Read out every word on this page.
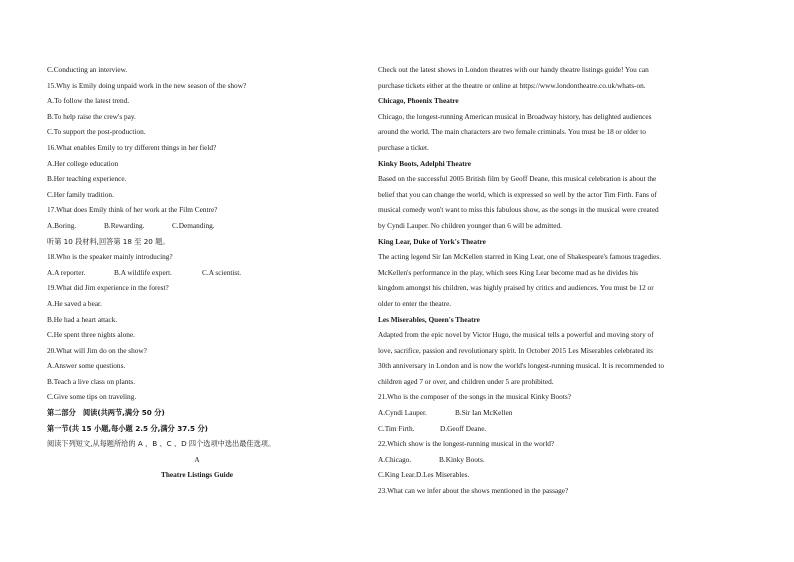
C.Conducting an interview.
15.Why is Emily doing unpaid work in the new season of the show?
A.To follow the latest trend.
B.To help raise the crew's pay.
C.To support the post-production.
16.What enables Emily to try different things in her field?
A.Her college education
B.Her teaching experience.
C.Her family tradition.
17.What does Emily think of her work at the Film Centre?
A.Boring.	B.Rewarding.	C.Demanding.
听第 10 段材料,回答第 18 至 20 题。
18.Who is the speaker mainly introducing?
A.A reporter.	B.A wildlife expert.	C.A scientist.
19.What did Jim experience in the forest?
A.He saved a bear.
B.He had a heart attack.
C.He spent three nights alone.
20.What will Jim do on the show?
A.Answer some questions.
B.Teach a live class on plants.
C.Give some tips on traveling.
第二部分　阅读(共两节,满分 50 分)
第一节(共 15 小题,每小题 2.5 分,满分 37.5 分)
阅读下列短文,从每题所给的 A 、B 、C 、D 四个选项中选出最佳选项。
A
Theatre Listings Guide
Check out the latest shows in London theatres with our handy theatre listings guide! You can
purchase tickets either at the theatre or online at https://www.londontheatre.co.uk/whats-on.
Chicago, Phoenix Theatre
Chicago, the longest-running American musical in Broadway history, has delighted audiences
around the world. The main characters are two female criminals. You must be 18 or older to
purchase a ticket.
Kinky Boots, Adelphi Theatre
Based on the successful 2005 British film by Geoff Deane, this musical celebration is about the
belief that you can change the world, which is expressed so well by the actor Tim Firth. Fans of
musical comedy won't want to miss this fabulous show, as the songs in the musical were created
by Cyndi Lauper. No children younger than 6 will be admitted.
King Lear, Duke of York's Theatre
The acting legend Sir Ian McKellen starred in King Lear, one of Shakespeare's famous tragedies.
McKellen's performance in the play, which sees King Lear become mad as he divides his
kingdom amongst his children, was highly praised by critics and audiences. You must be 12 or
older to enter the theatre.
Les Miserables, Queen's Theatre
Adapted from the epic novel by Victor Hugo, the musical tells a powerful and moving story of
love, sacrifice, passion and revolutionary spirit. In October 2015 Les Miserables celebrated its
30th anniversary in London and is now the world's longest-running musical. It is recommended to
children aged 7 or over, and children under 5 are prohibited.
21.Who is the composer of the songs in the musical Kinky Boots?
A.Cyndi Lauper.	B.Sir Ian McKellen
C.Tim Firth.	D.Geoff Deane.
22.Which show is the longest-running musical in the world?
A.Chicago.	B.Kinky Boots.
C.King Lear.D.Les Miserables.
23.What can we infer about the shows mentioned in the passage?
